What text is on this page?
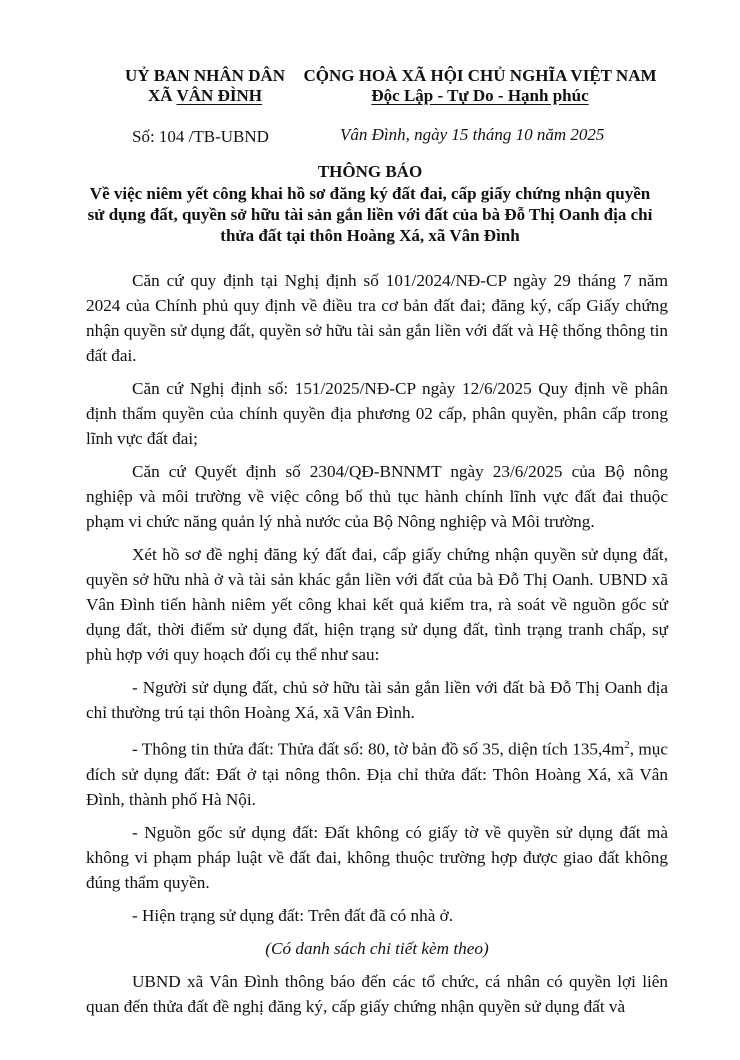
UỶ BAN NHÂN DÂN
XÃ VÂN ĐÌNH
CỘNG HOÀ XÃ HỘI CHỦ NGHĨA VIỆT NAM
Độc Lập - Tự Do - Hạnh phúc
Số: 104 /TB-UBND	Vân Đình, ngày 15 tháng 10 năm 2025
THÔNG BÁO
Về việc niêm yết công khai hồ sơ đăng ký đất đai, cấp giấy chứng nhận quyền
sử dụng đất, quyền sở hữu tài sản gắn liền với đất của bà Đỗ Thị Oanh địa chỉ
thửa đất tại thôn Hoàng Xá, xã Vân Đình

Căn cứ quy định tại Nghị định số 101/2024/NĐ-CP ngày 29 tháng 7 năm 2024 của Chính phủ quy định về điều tra cơ bản đất đai; đăng ký, cấp Giấy chứng nhận quyền sử dụng đất, quyền sở hữu tài sản gắn liền với đất và Hệ thống thông tin đất đai.

Căn cứ Nghị định số: 151/2025/NĐ-CP ngày 12/6/2025 Quy định về phân định thẩm quyền của chính quyền địa phương 02 cấp, phân quyền, phân cấp trong lĩnh vực đất đai;

Căn cứ Quyết định số 2304/QĐ-BNNMT ngày 23/6/2025 của Bộ nông nghiệp và môi trường về việc công bố thủ tục hành chính lĩnh vực đất đai thuộc phạm vi chức năng quản lý nhà nước của Bộ Nông nghiệp và Môi trường.

Xét hồ sơ đề nghị đăng ký đất đai, cấp giấy chứng nhận quyền sử dụng đất, quyền sở hữu nhà ở và tài sản khác gắn liền với đất của bà Đỗ Thị Oanh. UBND xã Vân Đình tiến hành niêm yết công khai kết quả kiểm tra, rà soát về nguồn gốc sử dụng đất, thời điểm sử dụng đất, hiện trạng sử dụng đất, tình trạng tranh chấp, sự phù hợp với quy hoạch đối cụ thể như sau:

- Người sử dụng đất, chủ sở hữu tài sản gắn liền với đất bà Đỗ Thị Oanh địa chỉ thường trú tại thôn Hoàng Xá, xã Vân Đình.

- Thông tin thửa đất: Thửa đất số: 80, tờ bản đồ số 35, diện tích $135,4m^2$, mục đích sử dụng đất: Đất ở tại nông thôn. Địa chỉ thửa đất: Thôn Hoàng Xá, xã Vân Đình, thành phố Hà Nội.

- Nguồn gốc sử dụng đất: Đất không có giấy tờ về quyền sử dụng đất mà không vi phạm pháp luật về đất đai, không thuộc trường hợp được giao đất không đúng thẩm quyền.

- Hiện trạng sử dụng đất: Trên đất đã có nhà ở.

(Có danh sách chi tiết kèm theo)

UBND xã Vân Đình thông báo đến các tổ chức, cá nhân có quyền lợi liên quan đến thửa đất đề nghị đăng ký, cấp giấy chứng nhận quyền sử dụng đất và
